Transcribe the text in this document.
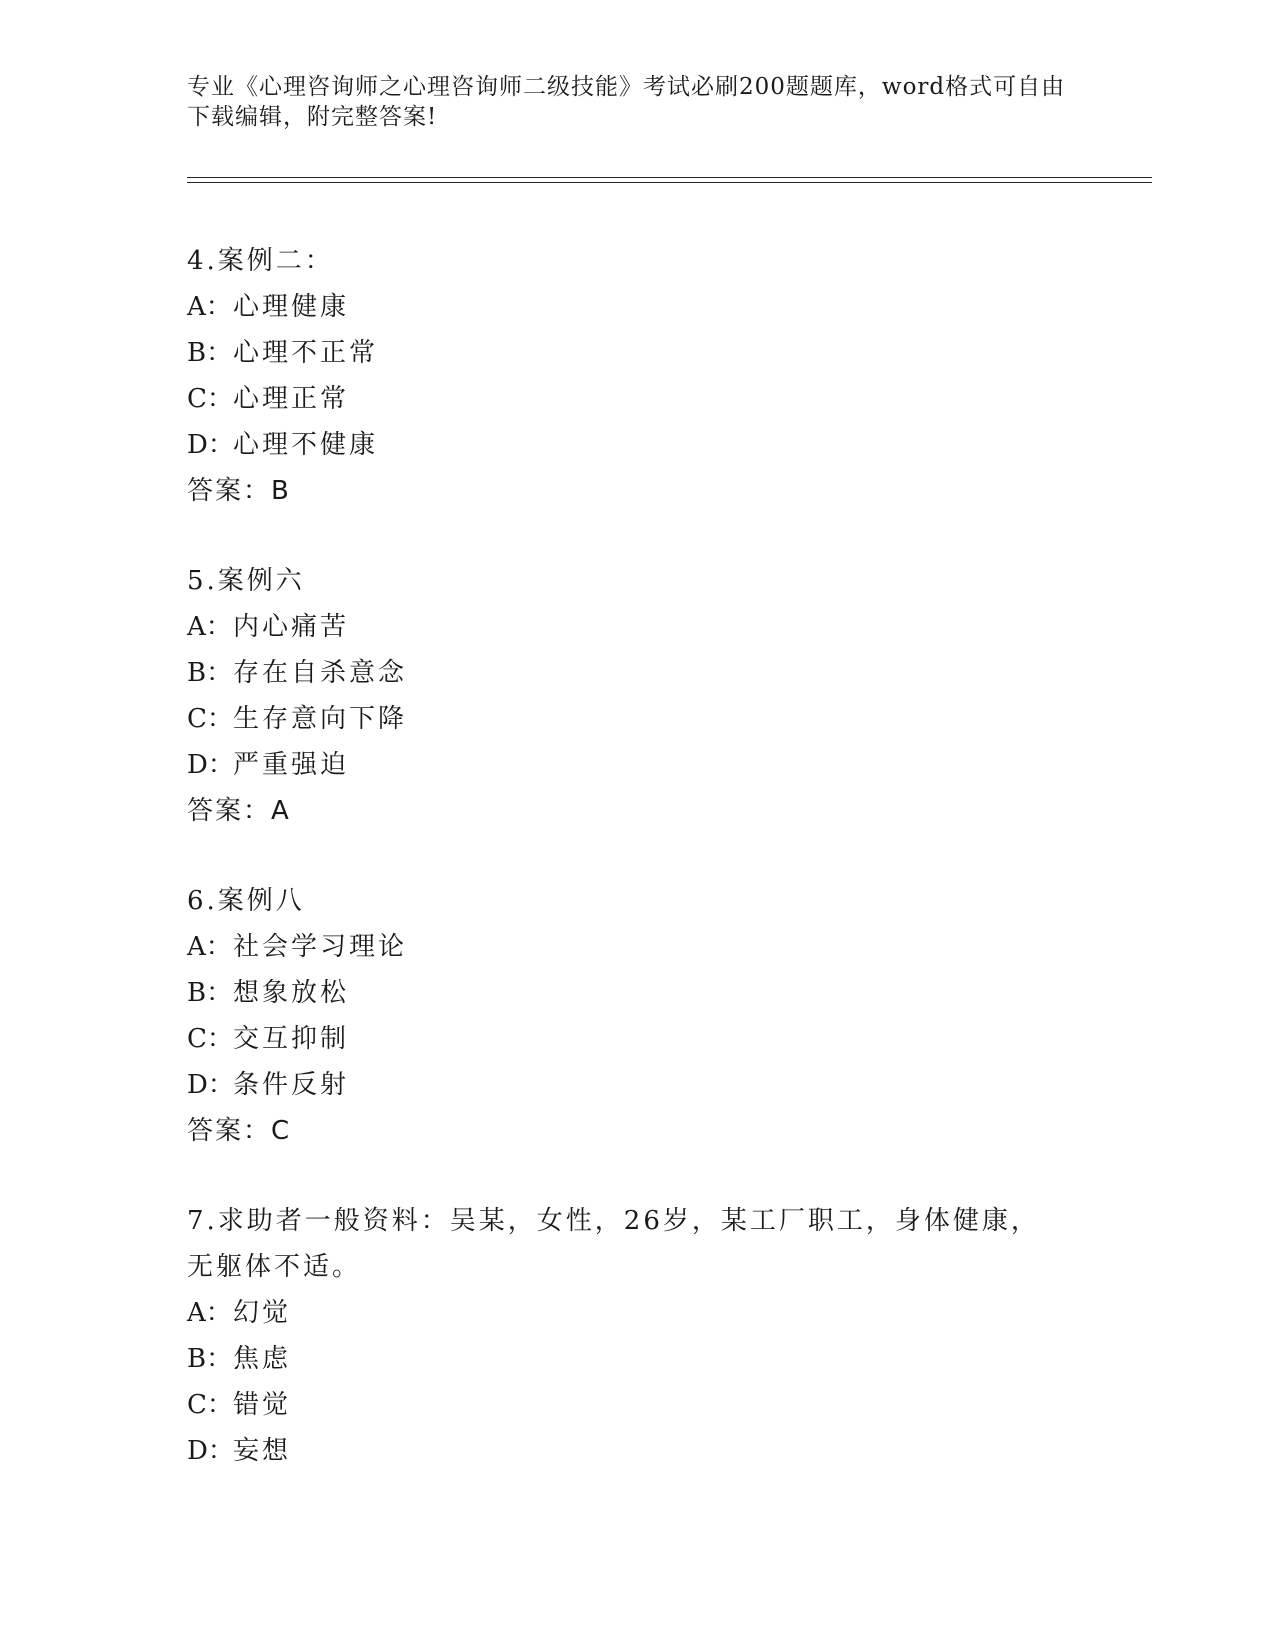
专业《心理咨询师之心理咨询师二级技能》考试必刷200题题库，word格式可自由下载编辑，附完整答案!
4.案例二：
A：心理健康
B：心理不正常
C：心理正常
D：心理不健康
答案：B
5.案例六
A：内心痛苦
B：存在自杀意念
C：生存意向下降
D：严重强迫
答案：A
6.案例八
A：社会学习理论
B：想象放松
C：交互抑制
D：条件反射
答案：C
7.求助者一般资料：吴某，女性，26岁，某工厂职工，身体健康，无躯体不适。
A：幻觉
B：焦虑
C：错觉
D：妄想
